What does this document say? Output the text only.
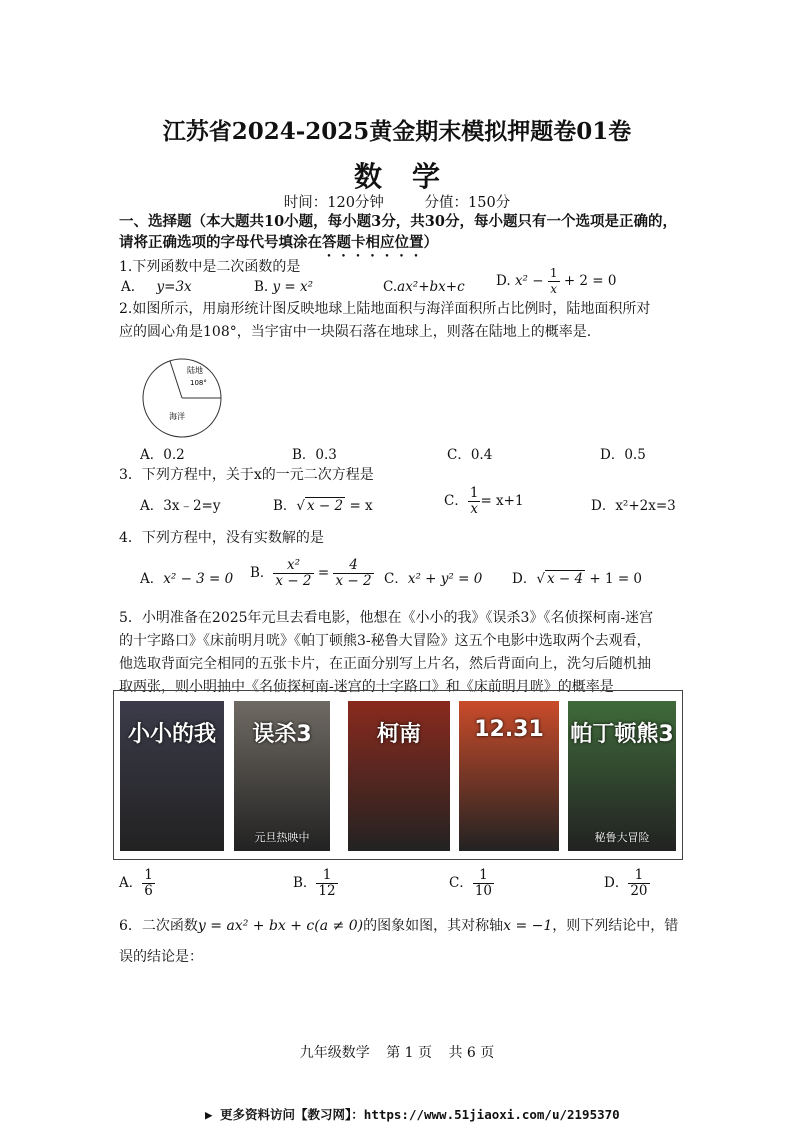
江苏省2024-2025黄金期末模拟押题卷01卷
数学
时间：120分钟	分值：150分
一、选择题（本大题共10小题，每小题3分，共30分，每小题只有一个选项是正确的，
请将正确选项的字母代号填涂在答题卡相应位置）
1.下列函数中是二次函数的是
A. y=3x	B. y = x²	C.ax²+bx+c D. $x^2 - \frac{1}{x} + 2 = 0$
2.如图所示，用扇形统计图反映地球上陆地面积与海洋面积所占比例时，陆地面积所对
应的圆心角是108°，当宇宙中一块陨石落在地球上，则落在陆地上的概率是.
陆地
108°
海洋
A．0.2	B．0.3	C．0.4	D．0.5
3．下列方程中，关于x的一元二次方程是
A．3x﹣2=y	B．√ x − 2 = x	C． $\frac{1}{x} = x+1$	D．x²+2x=3
4．下列方程中，没有实数解的是
A．x² − 3 = 0 B． $\frac{\text{x²}}{x - 2} = \frac{4}{x - 2}$ C．x² + y² = 0 D．√ x − 4 + 1 = 0
5．小明准备在2025年元旦去看电影，他想在《小小的我》《误杀3》《名侦探柯南-迷宫
的十字路口》《床前明月咣》《帕丁顿熊3-秘鲁大冒险》这五个电影中选取两个去观看，
他选取背面完全相同的五张卡片，在正面分别写上片名，然后背面向上，洗匀后随机抽
取两张，则小明抽中《名侦探柯南-迷宫的十字路口》和《床前明月咣》的概率是
小小的我	误杀3
元旦热映中
柯南	12.31	帕丁顿熊3
秘鲁大冒险
A． $\frac{1}{6}$	B． $\frac{1}{12}$	C． $\frac{1}{10}$	D． $\frac{1}{20}$
6．二次函数y = ax² + bx + c(a ≠ 0)的图象如图，其对称轴x = −1，则下列结论中，错
误的结论是：
九年级数学 第 1 页 共 6 页
▶ 更多资料访问【教习网】：https://www.51jiaoxi.com/u/2195370
